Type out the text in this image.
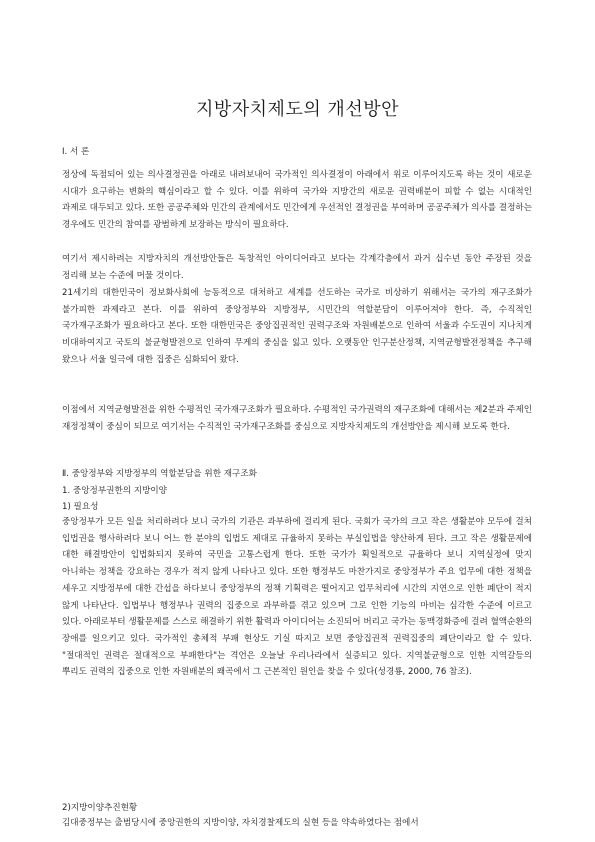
지방자치제도의 개선방안
Ⅰ. 서 론

정상에 독점되어 있는 의사결정권을 아래로 내려보내어 국가적인 의사결정이 아래에서 위로 이루어지도록 하는 것이 새로운 시대가 요구하는 변화의 핵심이라고 할 수 있다. 이를 위하여 국가와 지방간의 새로운 권력배분이 피할 수 없는 시대적인 과제로 대두되고 있다. 또한 공공주체와 민간의 관계에서도 민간에게 우선적인 결정권을 부여하며 공공주체가 의사를 결정하는 경우에도 민간의 참여를 광범하게 보장하는 방식이 필요하다.

여기서 제시하려는 지방자치의 개선방안들은 독창적인 아이디어라고 보다는 각계각층에서 과거 십수년 동안 주장된 것을 정리해 보는 수준에 머물 것이다.

21세기의 대한민국이 정보화사회에 능동적으로 대처하고 세계를 선도하는 국가로 비상하기 위해서는 국가의 재구조화가 불가피한 과제라고 본다. 이를 위하여 중앙정부와 지방정부, 시민간의 역할분담이 이루어져야 한다. 즉, 수직적인 국가재구조화가 필요하다고 본다. 또한 대한민국은 중앙집권적인 권력구조와 자원배분으로 인하여 서울과 수도권이 지나치게 비대하여지고 국토의 불균형발전으로 인하여 무게의 중심을 잃고 있다. 오랫동안 인구분산정책, 지역균형발전정책을 추구해 왔으나 서울 일극에 대한 집중은 심화되어 왔다.

이점에서 지역균형발전을 위한 수평적인 국가재구조화가 필요하다. 수평적인 국가권력의 재구조화에 대해서는 제2분과 주제인 재정정책이 중심이 되므로 여기서는 수직적인 국가재구조화를 중심으로 지방자치제도의 개선방안을 제시해 보도록 한다.

Ⅱ. 중앙정부와 지방정부의 역할분담을 위한 재구조화
1. 중앙정부권한의 지방이양
1) 필요성

중앙정부가 모든 일을 처리하려다 보니 국가의 기관은 과부하에 걸리게 된다. 국회가 국가의 크고 작은 생활분야 모두에 걸쳐 입법권을 행사하려다 보니 어느 한 분야의 입법도 제대로 규율하지 못하는 부실입법을 양산하게 된다. 크고 작은 생활문제에 대한 해결방안이 입법화되지 못하여 국민을 고통스럽게 한다. 또한 국가가 획일적으로 규율하다 보니 지역실정에 맞지 아니하는 정책을 강요하는 경우가 적지 않게 나타나고 있다. 또한 행정부도 마찬가지로 중앙정부가 주요 업무에 대한 정책을 세우고 지방정부에 대한 간섭을 하다보니 중앙정부의 정책 기획력은 떨어지고 업무처리에 시간의 지연으로 인한 폐단이 적지 않게 나타난다. 입법부나 행정부나 권력의 집중으로 과부하를 겪고 있으며 그로 인한 기능의 마비는 심각한 수준에 이르고 있다. 아래로부터 생활문제를 스스로 해결하기 위한 활력과 아이디어는 소진되어 버리고 국가는 동맥경화증에 걸려 혈액순환의 장애를 일으키고 있다. 국가적인 총체적 부패 현상도 기실 따지고 보면 중앙집권적 권력집중의 폐단이라고 할 수 있다. "절대적인 권력은 절대적으로 부패한다"는 격언은 오늘날 우리나라에서 실증되고 있다. 지역불균형으로 인한 지역갈등의 뿌리도 권력의 집중으로 인한 자원배분의 왜곡에서 그 근본적인 원인을 찾을 수 있다(성경룡, 2000, 76 참조).

2)지방이양추진현황

김대중정부는 출범당시에 중앙권한의 지방이양, 자치경찰제도의 실현 등을 약속하였다는 점에서
